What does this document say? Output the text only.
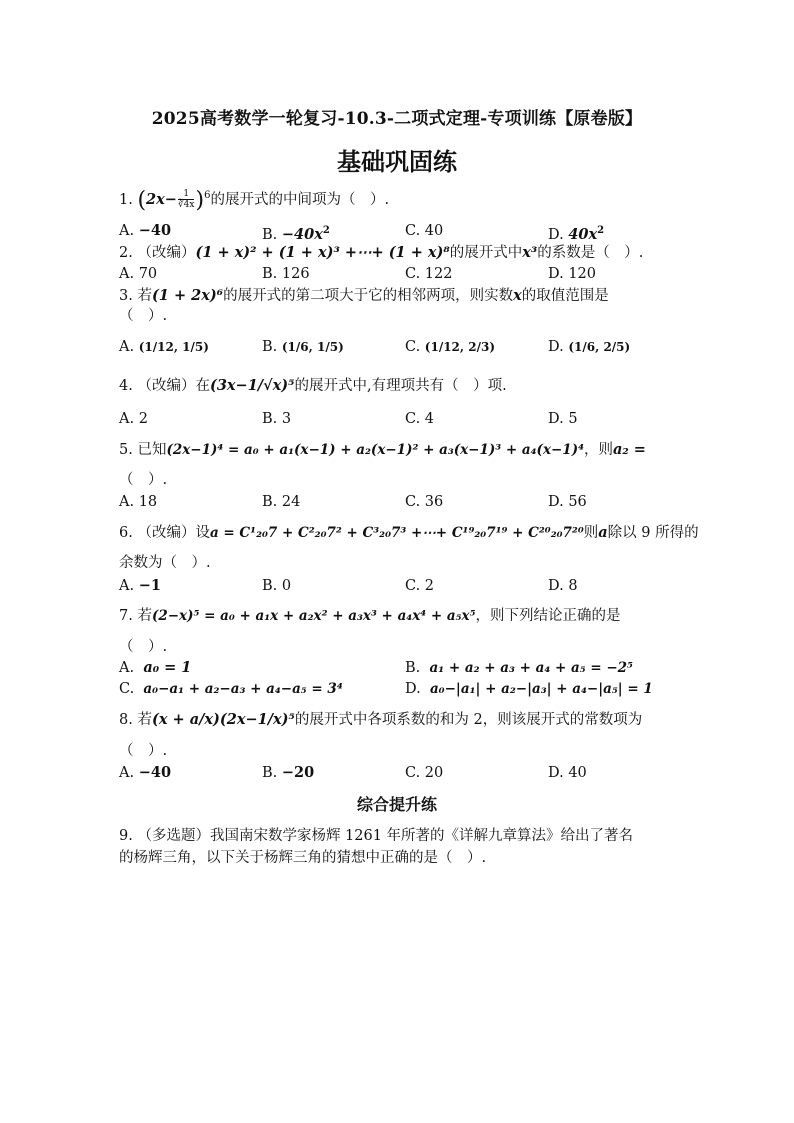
2025高考数学一轮复习-10.3-二项式定理-专项训练【原卷版】
基础巩固练
1. $(2x- \frac{1}{∛4x} )^6$的展开式的中间项为（　）.
A. −40	B. $-40x^2$	C. 40	D. $40x^2$
2. （改编）(1 + x)² + (1 + x)³ +⋯+ (1 + x)⁸的展开式中x³的系数是（　）.
A. 70	B. 126	C. 122	D. 120
3. 若(1 + 2x)⁶的展开式的第二项大于它的相邻两项，则实数x的取值范围是
（　）.
A. (1/12, 1/5)	B. (1/6, 1/5)	C. (1/12, 2/3)	D. (1/6, 2/5)
4. （改编）在(3x−1/√x)⁵的展开式中,有理项共有（　）项.
A. 2	B. 3	C. 4	D. 5
5. 已知(2x−1)⁴ = a₀ + a₁(x−1) + a₂(x−1)² + a₃(x−1)³ + a₄(x−1)⁴，则a₂ =
（　）.
A. 18	B. 24	C. 36	D. 56
6. （改编）设a = C¹₂₀7 + C²₂₀7² + C³₂₀7³ +⋯+ C¹⁹₂₀7¹⁹ + C²⁰₂₀7²⁰则a除以 9 所得的
余数为（　）.
A. −1	B. 0	C. 2	D. 8
7. 若(2−x)⁵ = a₀ + a₁x + a₂x² + a₃x³ + a₄x⁴ + a₅x⁵，则下列结论正确的是
（　）.
A. a₀ = 1	B. a₁ + a₂ + a₃ + a₄ + a₅ = −2⁵
C. a₀−a₁ + a₂−a₃ + a₄−a₅ = 3⁴	D. a₀−|a₁| + a₂−|a₃| + a₄−|a₅| = 1
8. 若(x + a/x)(2x−1/x)⁵的展开式中各项系数的和为 2，则该展开式的常数项为
（　）.
A. −40	B. −20	C. 20	D. 40
综合提升练
9. （多选题）我国南宋数学家杨辉 1261 年所著的《详解九章算法》给出了著名
的杨辉三角，以下关于杨辉三角的猜想中正确的是（　）.
